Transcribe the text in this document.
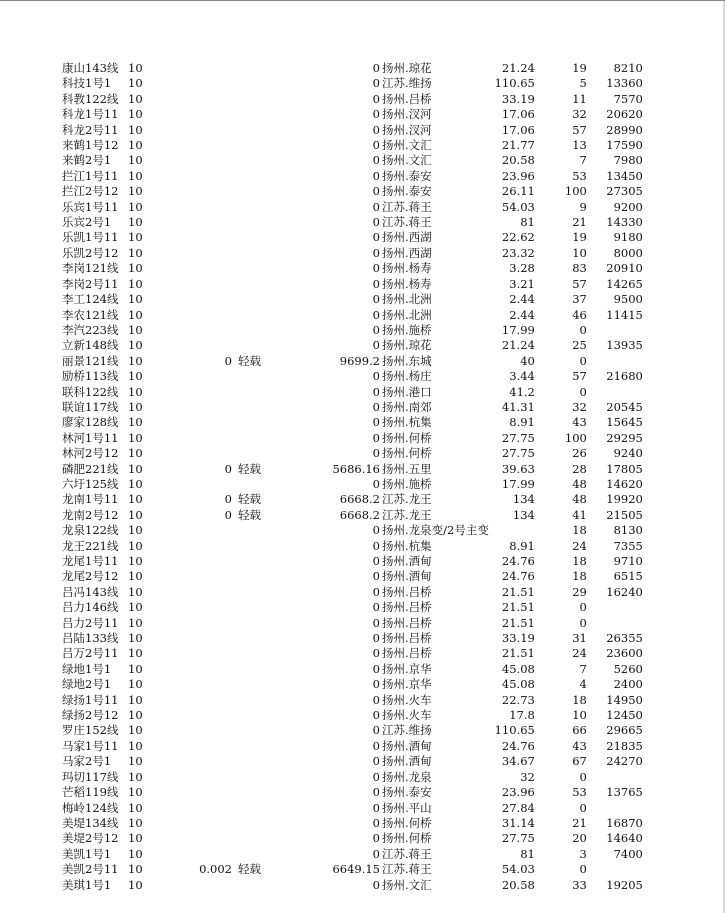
康山143线	10			0	扬州.琼花	21.24	19	8210
科技1号1	10			0	江苏.维扬	110.65	5	13360
科教122线	10			0	扬州.吕桥	33.19	11	7570
科龙1号11	10			0	扬州.汊河	17.06	32	20620
科龙2号11	10			0	扬州.汊河	17.06	57	28990
来鹤1号12	10			0	扬州.文汇	21.77	13	17590
来鹤2号1	10			0	扬州.文汇	20.58	7	7980
拦江1号11	10			0	扬州.泰安	23.96	53	13450
拦江2号12	10			0	扬州.泰安	26.11	100	27305
乐宾1号11	10			0	江苏.蒋王	54.03	9	9200
乐宾2号1	10			0	江苏.蒋王	81	21	14330
乐凯1号11	10			0	扬州.西湖	22.62	19	9180
乐凯2号12	10			0	扬州.西湖	23.32	10	8000
李岗121线	10			0	扬州.杨寿	3.28	83	20910
李岗2号11	10			0	扬州.杨寿	3.21	57	14265
李工124线	10			0	扬州.北洲	2.44	37	9500
李农121线	10			0	扬州.北洲	2.44	46	11415
李汽223线	10			0	扬州.施桥	17.99	0	
立新148线	10			0	扬州.琼花	21.24	25	13935
丽景121线	10	0	轻载	9699.2	扬州.东城	40	0	
励桥113线	10			0	扬州.杨庄	3.44	57	21680
联科122线	10			0	扬州.港口	41.2	0	
联谊117线	10			0	扬州.南郊	41.31	32	20545
廖家128线	10			0	扬州.杭集	8.91	43	15645
林河1号11	10			0	扬州.何桥	27.75	100	29295
林河2号12	10			0	扬州.何桥	27.75	26	9240
磷肥221线	10	0	轻载	5686.16	扬州.五里	39.63	28	17805
六圩125线	10			0	扬州.施桥	17.99	48	14620
龙南1号11	10	0	轻载	6668.2	江苏.龙王	134	48	19920
龙南2号12	10	0	轻载	6668.2	江苏.龙王	134	41	21505
龙泉122线	10			0	扬州.龙泉变/2号主变		18	8130
龙王221线	10			0	扬州.杭集	8.91	24	7355
龙尾1号11	10			0	扬州.酒甸	24.76	18	9710
龙尾2号12	10			0	扬州.酒甸	24.76	18	6515
吕冯143线	10			0	扬州.吕桥	21.51	29	16240
吕力146线	10			0	扬州.吕桥	21.51	0	
吕力2号11	10			0	扬州.吕桥	21.51	0	
吕陆133线	10			0	扬州.吕桥	33.19	31	26355
吕万2号11	10			0	扬州.吕桥	21.51	24	23600
绿地1号1	10			0	扬州.京华	45.08	7	5260
绿地2号1	10			0	扬州.京华	45.08	4	2400
绿扬1号11	10			0	扬州.火车	22.73	18	14950
绿扬2号12	10			0	扬州.火车	17.8	10	12450
罗庄152线	10			0	江苏.维扬	110.65	66	29665
马家1号11	10			0	扬州.酒甸	24.76	43	21835
马家2号1	10			0	扬州.酒甸	34.67	67	24270
玛切117线	10			0	扬州.龙泉	32	0	
芒稻119线	10			0	扬州.泰安	23.96	53	13765
梅岭124线	10			0	扬州.平山	27.84	0	
美堤134线	10			0	扬州.何桥	31.14	21	16870
美堤2号12	10			0	扬州.何桥	27.75	20	14640
美凯1号1	10			0	江苏.蒋王	81	3	7400
美凯2号11	10	0.002	轻载	6649.15	江苏.蒋王	54.03	0	
美琪1号1	10			0	扬州.文汇	20.58	33	19205
